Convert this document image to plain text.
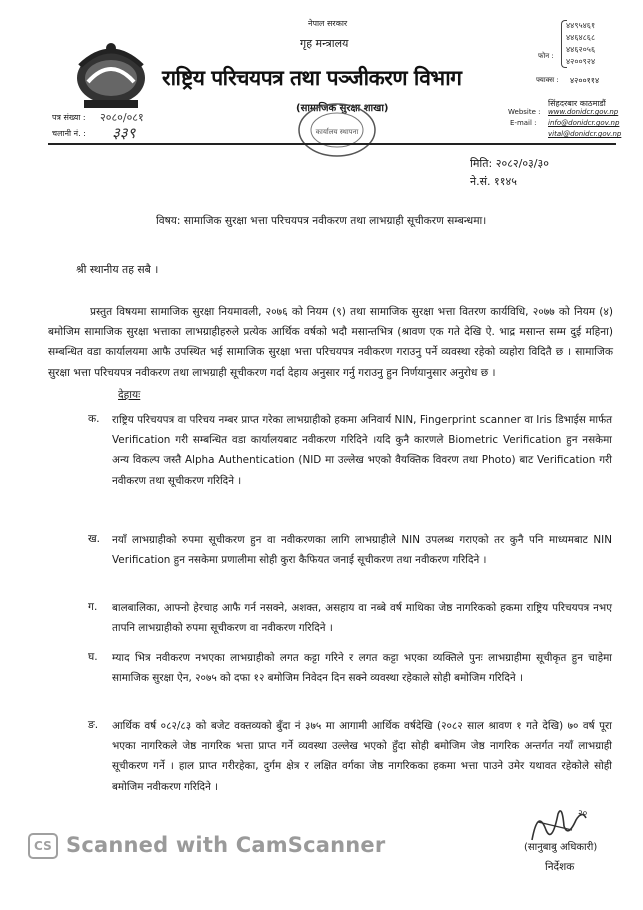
नेपाल सरकार
गृह मन्त्रालय
राष्ट्रिय परिचयपत्र तथा पञ्जीकरण विभाग
(सामाजिक सुरक्षा शाखा)
कार्यालय स्थापना
फोन :
४४९५४६१
४४६४८६८
४४६२०५६
४२००९२४
फ्याक्स : ४२००११४
सिंहदरबार काठमाडौं
Website : www.donidcr.gov.np
E-mail : info@donidcr.gov.np
vital@donidcr.gov.np
पत्र संख्या : २०८०/०८१
चलानी नं. : ३३९
मिति: २०८२/०३/३०
ने.सं. ११४५
विषय: सामाजिक सुरक्षा भत्ता परिचयपत्र नवीकरण तथा लाभग्राही सूचीकरण सम्बन्धमा।
श्री स्थानीय तह सबै ।
प्रस्तुत विषयमा सामाजिक सुरक्षा नियमावली, २०७६ को नियम (९) तथा सामाजिक सुरक्षा भत्ता वितरण कार्यविधि, २०७७ को नियम (४) बमोजिम सामाजिक सुरक्षा भत्ताका लाभग्राहीहरुले प्रत्येक आर्थिक वर्षको भदौ मसान्तभित्र (श्रावण एक गते देखि ऐ. भाद्र मसान्त सम्म दुई महिना) सम्बन्धित वडा कार्यालयमा आफै उपस्थित भई सामाजिक सुरक्षा भत्ता परिचयपत्र नवीकरण गराउनु पर्ने व्यवस्था रहेको व्यहोरा विदितै छ । सामाजिक सुरक्षा भत्ता परिचयपत्र नवीकरण तथा लाभग्राही सूचीकरण गर्दा देहाय अनुसार गर्नु गराउनु हुन निर्णयानुसार अनुरोध छ ।
देहायः
क. राष्ट्रिय परिचयपत्र वा परिचय नम्बर प्राप्त गरेका लाभग्राहीको हकमा अनिवार्य NIN, Fingerprint scanner वा Iris डिभाईस मार्फत Verification गरी सम्बन्धित वडा कार्यालयबाट नवीकरण गरिदिने ।यदि कुनै कारणले Biometric Verification हुन नसकेमा अन्य विकल्प जस्तै Alpha Authentication (NID मा उल्लेख भएको वैयक्तिक विवरण तथा Photo) बाट Verification गरी नवीकरण तथा सूचीकरण गरिदिने ।
ख. नयाँ लाभग्राहीको रुपमा सूचीकरण हुन वा नवीकरणका लागि लाभग्राहीले NIN उपलब्ध गराएको तर कुनै पनि माध्यमबाट NIN Verification हुन नसकेमा प्रणालीमा सोही कुरा कैफियत जनाई सूचीकरण तथा नवीकरण गरिदिने ।
ग. बालबालिका, आफ्नो हेरचाह आफै गर्न नसक्ने, अशक्त, असहाय वा नब्बे वर्ष माथिका जेष्ठ नागरिकको हकमा राष्ट्रिय परिचयपत्र नभए तापनि लाभग्राहीको रुपमा सूचीकरण वा नवीकरण गरिदिने ।
घ. म्याद भित्र नवीकरण नभएका लाभग्राहीको लगत कट्टा गरिने र लगत कट्टा भएका व्यक्तिले पुनः लाभग्राहीमा सूचीकृत हुन चाहेमा सामाजिक सुरक्षा ऐन, २०७५ को दफा १२ बमोजिम निवेदन दिन सक्ने व्यवस्था रहेकाले सोही बमोजिम गरिदिने ।
ङ. आर्थिक वर्ष ०८२/८३ को बजेट वक्तव्यको बुँदा नं ३७५ मा आगामी आर्थिक वर्षदेखि (२०८२ साल श्रावण १ गते देखि) ७० वर्ष पूरा भएका नागरिकले जेष्ठ नागरिक भत्ता प्राप्त गर्ने व्यवस्था उल्लेख भएको हुँदा सोही बमोजिम जेष्ठ नागरिक अन्तर्गत नयाँ लाभग्राही सूचीकरण गर्ने । हाल प्राप्त गरीरहेका, दुर्गम क्षेत्र र लक्षित वर्गका जेष्ठ नागरिकका हकमा भत्ता पाउने उमेर यथावत रहेकोले सोही बमोजिम नवीकरण गरिदिने ।
२०
(सानुबाबु अधिकारी)
निर्देशक
CS Scanned with CamScanner
